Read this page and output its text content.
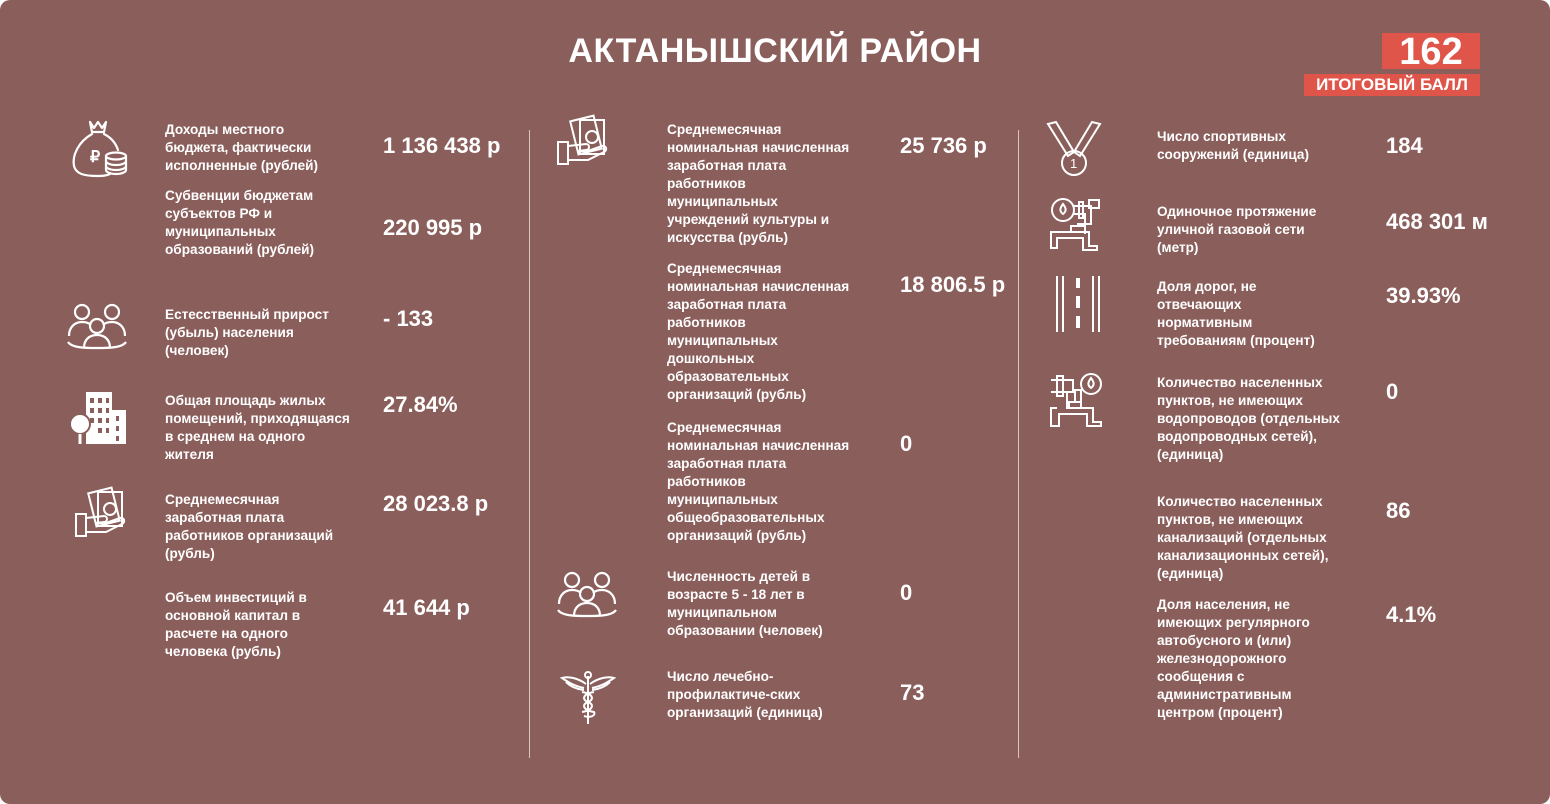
АКТАНЫШСКИЙ РАЙОН	162
ИТОГОВЫЙ БАЛЛ
₽
Доходы местного бюджета, фактически исполненные (рублей)
1 136 438 р
Субвенции бюджетам субъектов РФ и муниципальных образований (рублей)
220 995 р
Естесственный прирост (убыль) населения (человек)
- 133
Общая площадь жилых помещений, приходящаяся в среднем на одного жителя
27.84%
Среднемесячная заработная плата работников организаций (рубль)
28 023.8 р
Объем инвестиций в основной капитал в расчете на одного человека (рубль)
41 644 р
Среднемесячная номинальная начисленная заработная плата работников муниципальных учреждений культуры и искусства (рубль)
25 736 р
Среднемесячная номинальная начисленная заработная плата работников муниципальных дошкольных образовательных организаций (рубль)
18 806.5 р
Среднемесячная номинальная начисленная заработная плата работников муниципальных общеобразовательных организаций (рубль)
0
Численность детей в возрасте 5 - 18 лет в муниципальном образовании (человек)
0
Число лечебно-профилактиче-ских организаций (единица)
73
1
Число спортивных сооружений (единица)	184
Одиночное протяжение уличной газовой сети (метр)
468 301 м
Доля дорог, не отвечающих нормативным требованиям (процент)
39.93%
Количество населенных пунктов, не имеющих водопроводов (отдельных водопроводных сетей), (единица)
0
Количество населенных пунктов, не имеющих канализаций (отдельных канализационных сетей), (единица)
86
Доля населения, не имеющих регулярного автобусного и (или) железнодорожного сообщения с административным центром (процент)
4.1%
